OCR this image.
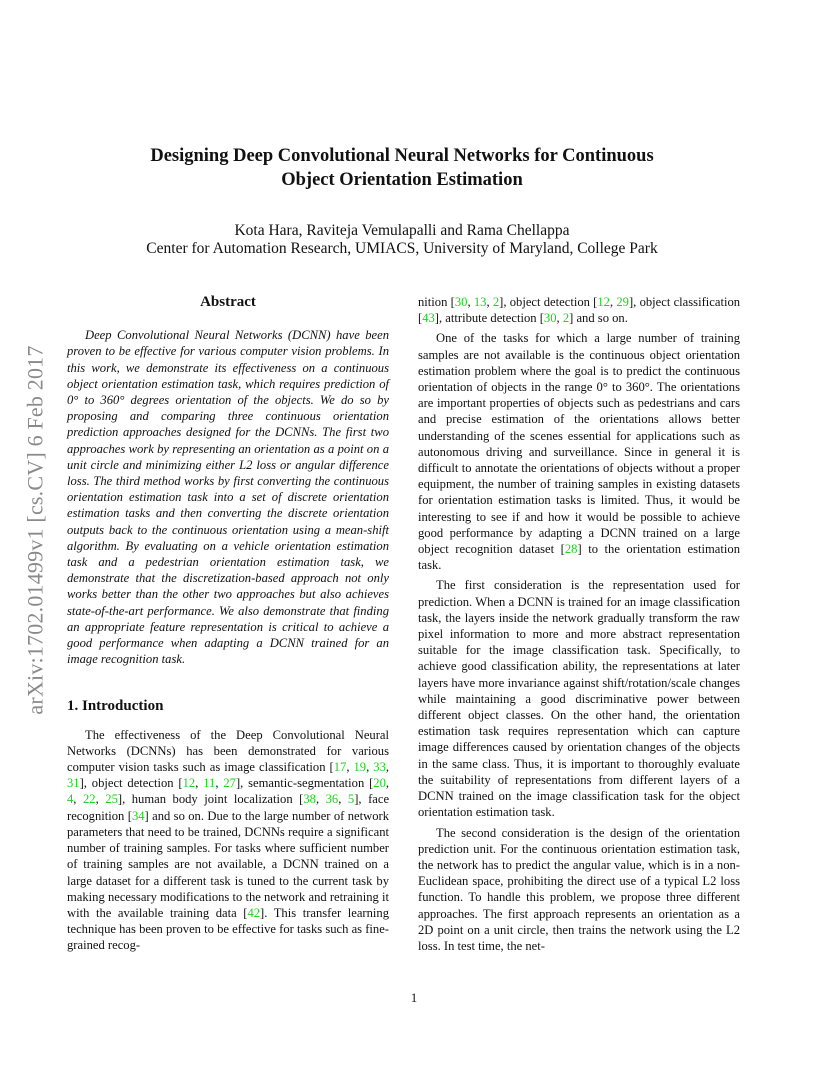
arXiv:1702.01499v1 [cs.CV] 6 Feb 2017
Designing Deep Convolutional Neural Networks for Continuous
Object Orientation Estimation
Kota Hara, Raviteja Vemulapalli and Rama Chellappa
Center for Automation Research, UMIACS, University of Maryland, College Park
Abstract

Deep Convolutional Neural Networks (DCNN) have been proven to be effective for various computer vision problems. In this work, we demonstrate its effectiveness on a continuous object orientation estimation task, which requires prediction of 0° to 360° degrees orientation of the objects. We do so by proposing and comparing three continuous orientation prediction approaches designed for the DCNNs. The first two approaches work by representing an orientation as a point on a unit circle and minimizing either L2 loss or angular difference loss. The third method works by first converting the continuous orientation estimation task into a set of discrete orientation estimation tasks and then converting the discrete orientation outputs back to the continuous orientation using a mean-shift algorithm. By evaluating on a vehicle orientation estimation task and a pedestrian orientation estimation task, we demonstrate that the discretization-based approach not only works better than the other two approaches but also achieves state-of-the-art performance. We also demonstrate that finding an appropriate feature representation is critical to achieve a good performance when adapting a DCNN trained for an image recognition task.

1. Introduction

The effectiveness of the Deep Convolutional Neural Networks (DCNNs) has been demonstrated for various computer vision tasks such as image classification [17, 19, 33, 31], object detection [12, 11, 27], semantic-segmentation [20, 4, 22, 25], human body joint localization [38, 36, 5], face recognition [34] and so on. Due to the large number of network parameters that need to be trained, DCNNs require a significant number of training samples. For tasks where sufficient number of training samples are not available, a DCNN trained on a large dataset for a different task is tuned to the current task by making necessary modifications to the network and retraining it with the available training data [42]. This transfer learning technique has been proven to be effective for tasks such as fine-grained recog-

nition [30, 13, 2], object detection [12, 29], object classification [43], attribute detection [30, 2] and so on.

One of the tasks for which a large number of training samples are not available is the continuous object orientation estimation problem where the goal is to predict the continuous orientation of objects in the range 0° to 360°. The orientations are important properties of objects such as pedestrians and cars and precise estimation of the orientations allows better understanding of the scenes essential for applications such as autonomous driving and surveillance. Since in general it is difficult to annotate the orientations of objects without a proper equipment, the number of training samples in existing datasets for orientation estimation tasks is limited. Thus, it would be interesting to see if and how it would be possible to achieve good performance by adapting a DCNN trained on a large object recognition dataset [28] to the orientation estimation task.

The first consideration is the representation used for prediction. When a DCNN is trained for an image classification task, the layers inside the network gradually transform the raw pixel information to more and more abstract representation suitable for the image classification task. Specifically, to achieve good classification ability, the representations at later layers have more invariance against shift/rotation/scale changes while maintaining a good discriminative power between different object classes. On the other hand, the orientation estimation task requires representation which can capture image differences caused by orientation changes of the objects in the same class. Thus, it is important to thoroughly evaluate the suitability of representations from different layers of a DCNN trained on the image classification task for the object orientation estimation task.

The second consideration is the design of the orientation prediction unit. For the continuous orientation estimation task, the network has to predict the angular value, which is in a non-Euclidean space, prohibiting the direct use of a typical L2 loss function. To handle this problem, we propose three different approaches. The first approach represents an orientation as a 2D point on a unit circle, then trains the network using the L2 loss. In test time, the net-

1
